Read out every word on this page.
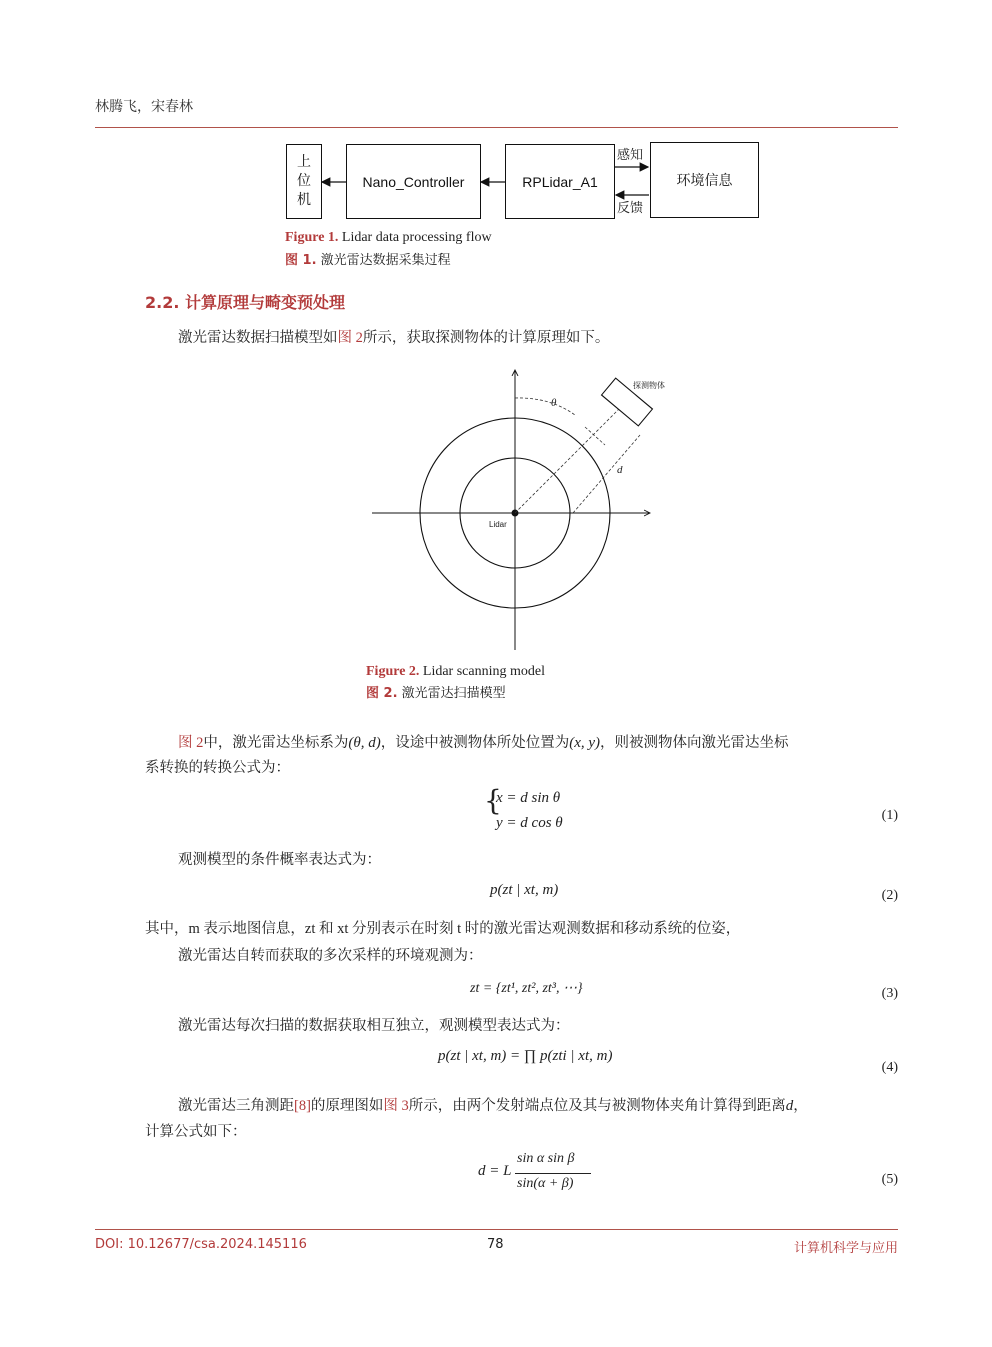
林腾飞，宋春林
上
位
机
Nano_Controller	RPLidar_A1	环境信息
感知
反馈
Figure 1. Lidar data processing flow
图 1. 激光雷达数据采集过程
2.2. 计算原理与畸变预处理
激光雷达数据扫描模型如图 2所示，获取探测物体的计算原理如下。
探测物体
θ
d
Lidar
Figure 2. Lidar scanning model
图 2. 激光雷达扫描模型
图 2中，激光雷达坐标系为(θ, d)，设途中被测物体所处位置为(x, y)，则被测物体向激光雷达坐标
系转换的转换公式为：
{
x = d sin θ
y = d cos θ	(1)
观测模型的条件概率表达式为：
p(zt | xt, m)	(2)
其中，m 表示地图信息，zt 和 xt 分别表示在时刻 t 时的激光雷达观测数据和移动系统的位姿，
激光雷达自转而获取的多次采样的环境观测为：
zt = {zt¹, zt², zt³, ⋯}	(3)
激光雷达每次扫描的数据获取相互独立，观测模型表达式为：
p(zt | xt, m) = ∏ p(zti | xt, m)
(4)
激光雷达三角测距[8]的原理图如图 3所示，由两个发射端点位及其与被测物体夹角计算得到距离d，
计算公式如下：
d = L
sin α sin β
sin(α + β)	(5)
DOI: 10.12677/csa.2024.145116	78	计算机科学与应用
